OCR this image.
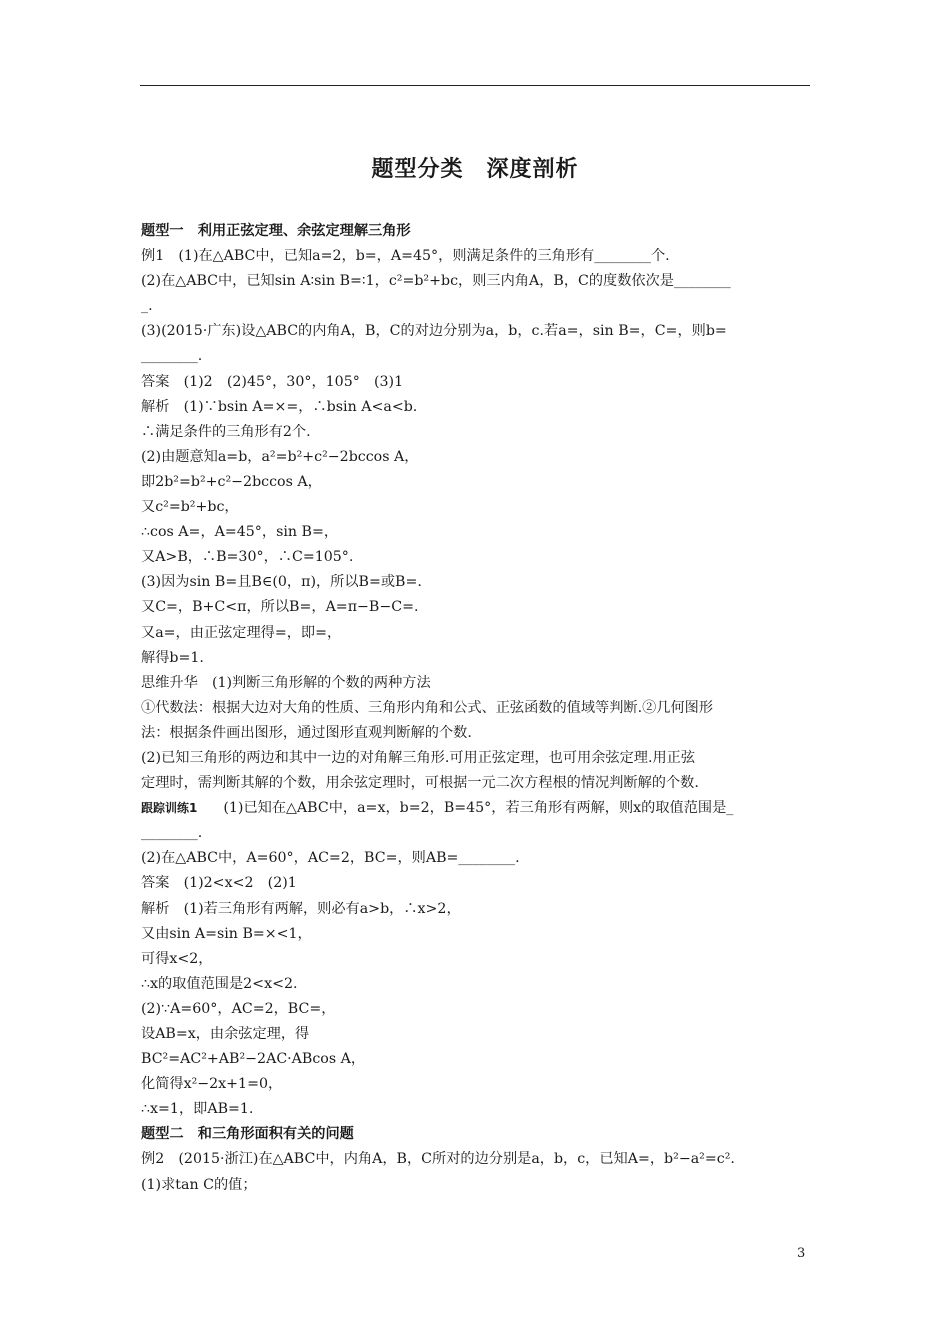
题型分类　深度剖析
题型一　利用正弦定理、余弦定理解三角形
例1　(1)在△ABC中，已知a=2，b=，A=45°，则满足条件的三角形有________个.
(2)在△ABC中，已知sin A∶sin B=∶1，c²=b²+bc，则三内角A，B，C的度数依次是________
_.
(3)(2015·广东)设△ABC的内角A，B，C的对边分别为a，b，c.若a=，sin B=，C=，则b=
________.
答案　(1)2　(2)45°，30°，105°　(3)1
解析　(1)∵bsin A=×=，∴bsin A<a<b.
∴满足条件的三角形有2个.
(2)由题意知a=b，a²=b²+c²−2bccos A，
即2b²=b²+c²−2bccos A，
又c²=b²+bc，
∴cos A=，A=45°，sin B=，
又A>B，∴B=30°，∴C=105°.
(3)因为sin B=且B∈(0，π)，所以B=或B=.
又C=，B+C<π，所以B=，A=π−B−C=.
又a=，由正弦定理得=，即=，
解得b=1.
思维升华　(1)判断三角形解的个数的两种方法
①代数法：根据大边对大角的性质、三角形内角和公式、正弦函数的值域等判断.②几何图形
法：根据条件画出图形，通过图形直观判断解的个数.
(2)已知三角形的两边和其中一边的对角解三角形.可用正弦定理，也可用余弦定理.用正弦
定理时，需判断其解的个数，用余弦定理时，可根据一元二次方程根的情况判断解的个数.
跟踪训练1 (1)已知在△ABC中，a=x，b=2，B=45°，若三角形有两解，则x的取值范围是_
________.
(2)在△ABC中，A=60°，AC=2，BC=，则AB=________.
答案　(1)2<x<2　(2)1
解析　(1)若三角形有两解，则必有a>b，∴x>2，
又由sin A=sin B=×<1，
可得x<2，
∴x的取值范围是2<x<2.
(2)∵A=60°，AC=2，BC=，
设AB=x，由余弦定理，得
BC²=AC²+AB²−2AC·ABcos A，
化简得x²−2x+1=0，
∴x=1，即AB=1.
题型二　和三角形面积有关的问题
例2　(2015·浙江)在△ABC中，内角A，B，C所对的边分别是a，b，c，已知A=，b²−a²=c².
(1)求tan C的值；
3
